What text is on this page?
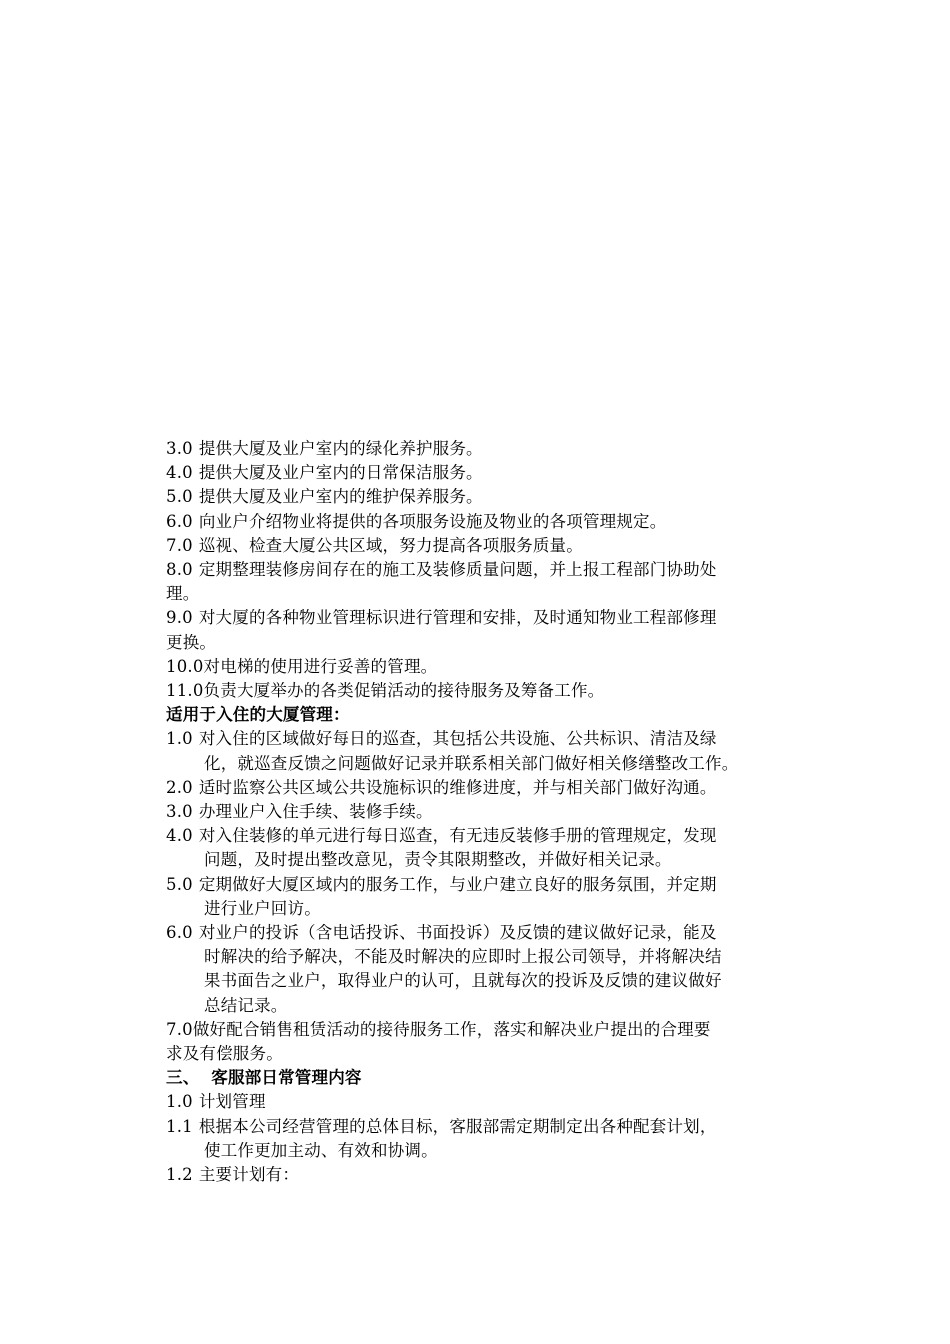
3.0 提供大厦及业户室内的绿化养护服务。
4.0 提供大厦及业户室内的日常保洁服务。
5.0 提供大厦及业户室内的维护保养服务。
6.0 向业户介绍物业将提供的各项服务设施及物业的各项管理规定。
7.0 巡视、检查大厦公共区域，努力提高各项服务质量。
8.0 定期整理装修房间存在的施工及装修质量问题，并上报工程部门协助处
理。
9.0 对大厦的各种物业管理标识进行管理和安排，及时通知物业工程部修理
更换。
10.0对电梯的使用进行妥善的管理。
11.0负责大厦举办的各类促销活动的接待服务及筹备工作。
适用于入住的大厦管理：
1.0 对入住的区域做好每日的巡查，其包括公共设施、公共标识、清洁及绿
化，就巡查反馈之问题做好记录并联系相关部门做好相关修缮整改工作。
2.0 适时监察公共区域公共设施标识的维修进度，并与相关部门做好沟通。
3.0 办理业户入住手续、装修手续。
4.0 对入住装修的单元进行每日巡查，有无违反装修手册的管理规定，发现
问题，及时提出整改意见，责令其限期整改，并做好相关记录。
5.0 定期做好大厦区域内的服务工作，与业户建立良好的服务氛围，并定期
进行业户回访。
6.0 对业户的投诉（含电话投诉、书面投诉）及反馈的建议做好记录，能及
时解决的给予解决，不能及时解决的应即时上报公司领导，并将解决结
果书面告之业户，取得业户的认可，且就每次的投诉及反馈的建议做好
总结记录。
7.0做好配合销售租赁活动的接待服务工作，落实和解决业户提出的合理要
求及有偿服务。
三、  客服部日常管理内容
1.0 计划管理
1.1 根据本公司经营管理的总体目标，客服部需定期制定出各种配套计划，
使工作更加主动、有效和协调。
1.2 主要计划有：
